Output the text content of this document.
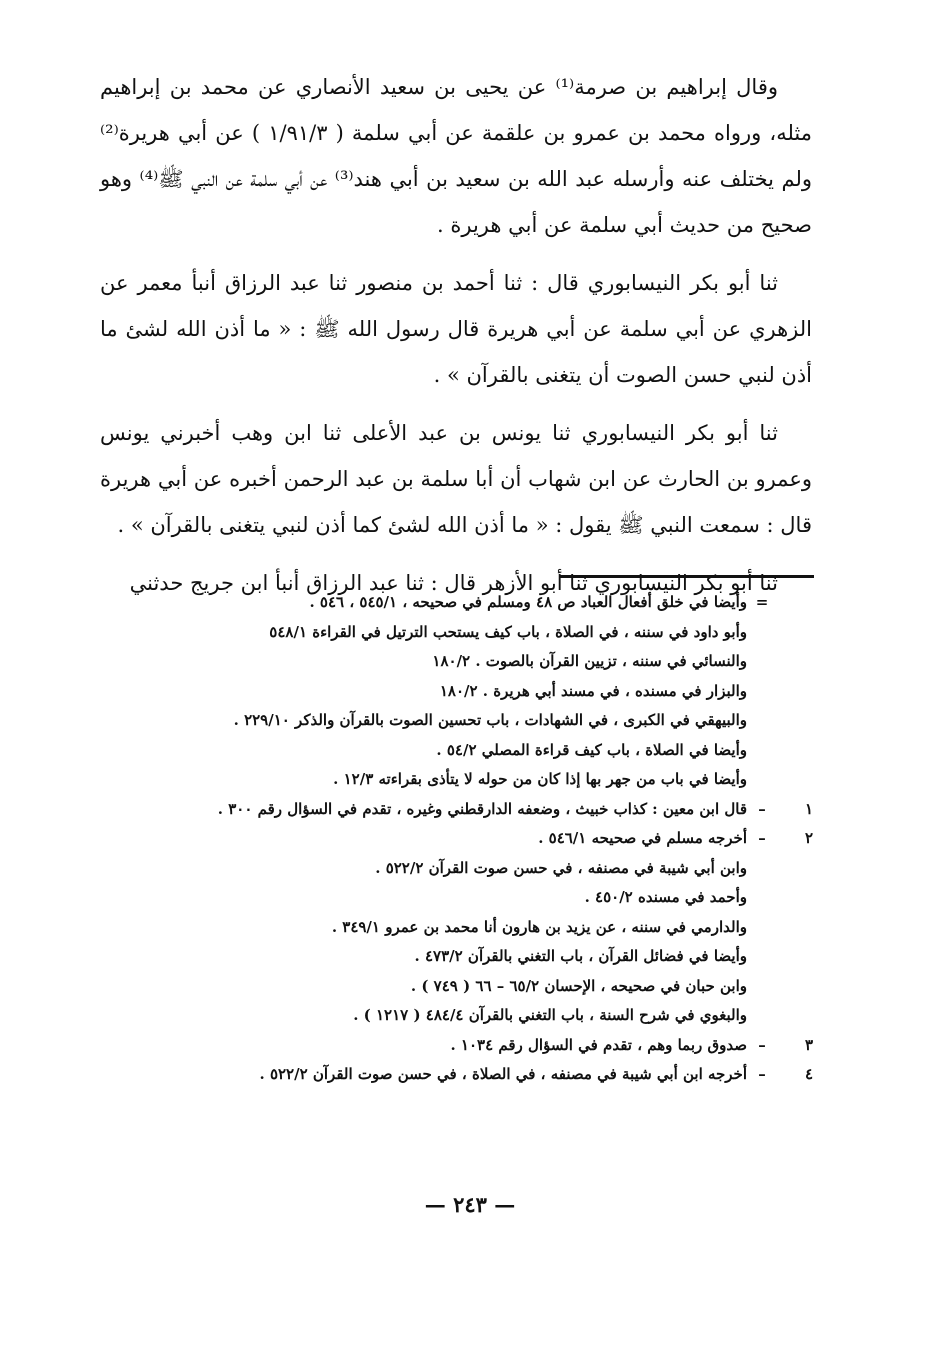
وقال إبراهيم بن صرمة⁽¹⁾ عن يحيى بن سعيد الأنصاري عن محمد بن إبراهيم مثله، ورواه محمد بن عمرو بن علقمة عن أبي سلمة ( ١/٩١/٣ ) عن أبي هريرة⁽²⁾ ولم يختلف عنه وأرسله عبد الله بن سعيد بن أبي هند⁽³⁾ عن أبي سلمة عن النبي ﷺ⁽⁴⁾ وهو صحيح من حديث أبي سلمة عن أبي هريرة .

ثنا أبو بكر النيسابوري قال : ثنا أحمد بن منصور ثنا عبد الرزاق أنبأ معمر عن الزهري عن أبي سلمة عن أبي هريرة قال رسول الله ﷺ : « ما أذن الله لشئ ما أذن لنبي حسن الصوت أن يتغنى بالقرآن » .

ثنا أبو بكر النيسابوري ثنا يونس بن عبد الأعلى ثنا ابن وهب أخبرني يونس وعمرو بن الحارث عن ابن شهاب أن أبا سلمة بن عبد الرحمن أخبره عن أبي هريرة قال : سمعت النبي ﷺ يقول : « ما أذن الله لشئ كما أذن لنبي يتغنى بالقرآن » .

ثنا أبو بكر النيسابوري ثنا أبو الأزهر قال : ثنا عبد الرزاق أنبأ ابن جريج حدثني

=
وأيضا في خلق أفعال العباد ص ٤٨ ومسلم في صحيحه ، ٥٤٥/١ ، ٥٤٦ .
وأبو داود في سننه ، في الصلاة ، باب كيف يستحب الترتيل في القراءة ٥٤٨/١
والنسائي في سننه ، تزيين القرآن بالصوت . ١٨٠/٢
والبزار في مسنده ، في مسند أبي هريرة . ١٨٠/٢
والبيهقي في الكبرى ، في الشهادات ، باب تحسين الصوت بالقرآن والذكر ٢٢٩/١٠ .
وأيضا في الصلاة ، باب كيف قراءة المصلي ٥٤/٢ .
وأيضا في باب من جهر بها إذا كان من حوله لا يتأذى بقراءته ١٢/٣ .
١
–
قال ابن معين : كذاب خبيث ، وضعفه الدارقطني وغيره ، تقدم في السؤال رقم ٣٠٠ .
٢
–
أخرجه مسلم في صحيحه ٥٤٦/١ .
وابن أبي شيبة في مصنفه ، في حسن صوت القرآن ٥٢٢/٢ .
وأحمد في مسنده ٤٥٠/٢ .
والدارمي في سننه ، عن يزيد بن هارون أنا محمد بن عمرو ٣٤٩/١ .
وأيضا في فضائل القرآن ، باب التغني بالقرآن ٤٧٣/٢ .
وابن حبان في صحيحه ، الإحسان ٦٥/٢ – ٦٦ ( ٧٤٩ ) .
والبغوي في شرح السنة ، باب التغني بالقرآن ٤٨٤/٤ ( ١٢١٧ ) .
٣
–
صدوق ربما وهم ، تقدم في السؤال رقم ١٠٣٤ .
٤
–
أخرجه ابن أبي شيبة في مصنفه ، في الصلاة ، في حسن صوت القرآن ٥٢٢/٢ .
— ٢٤٣ —
